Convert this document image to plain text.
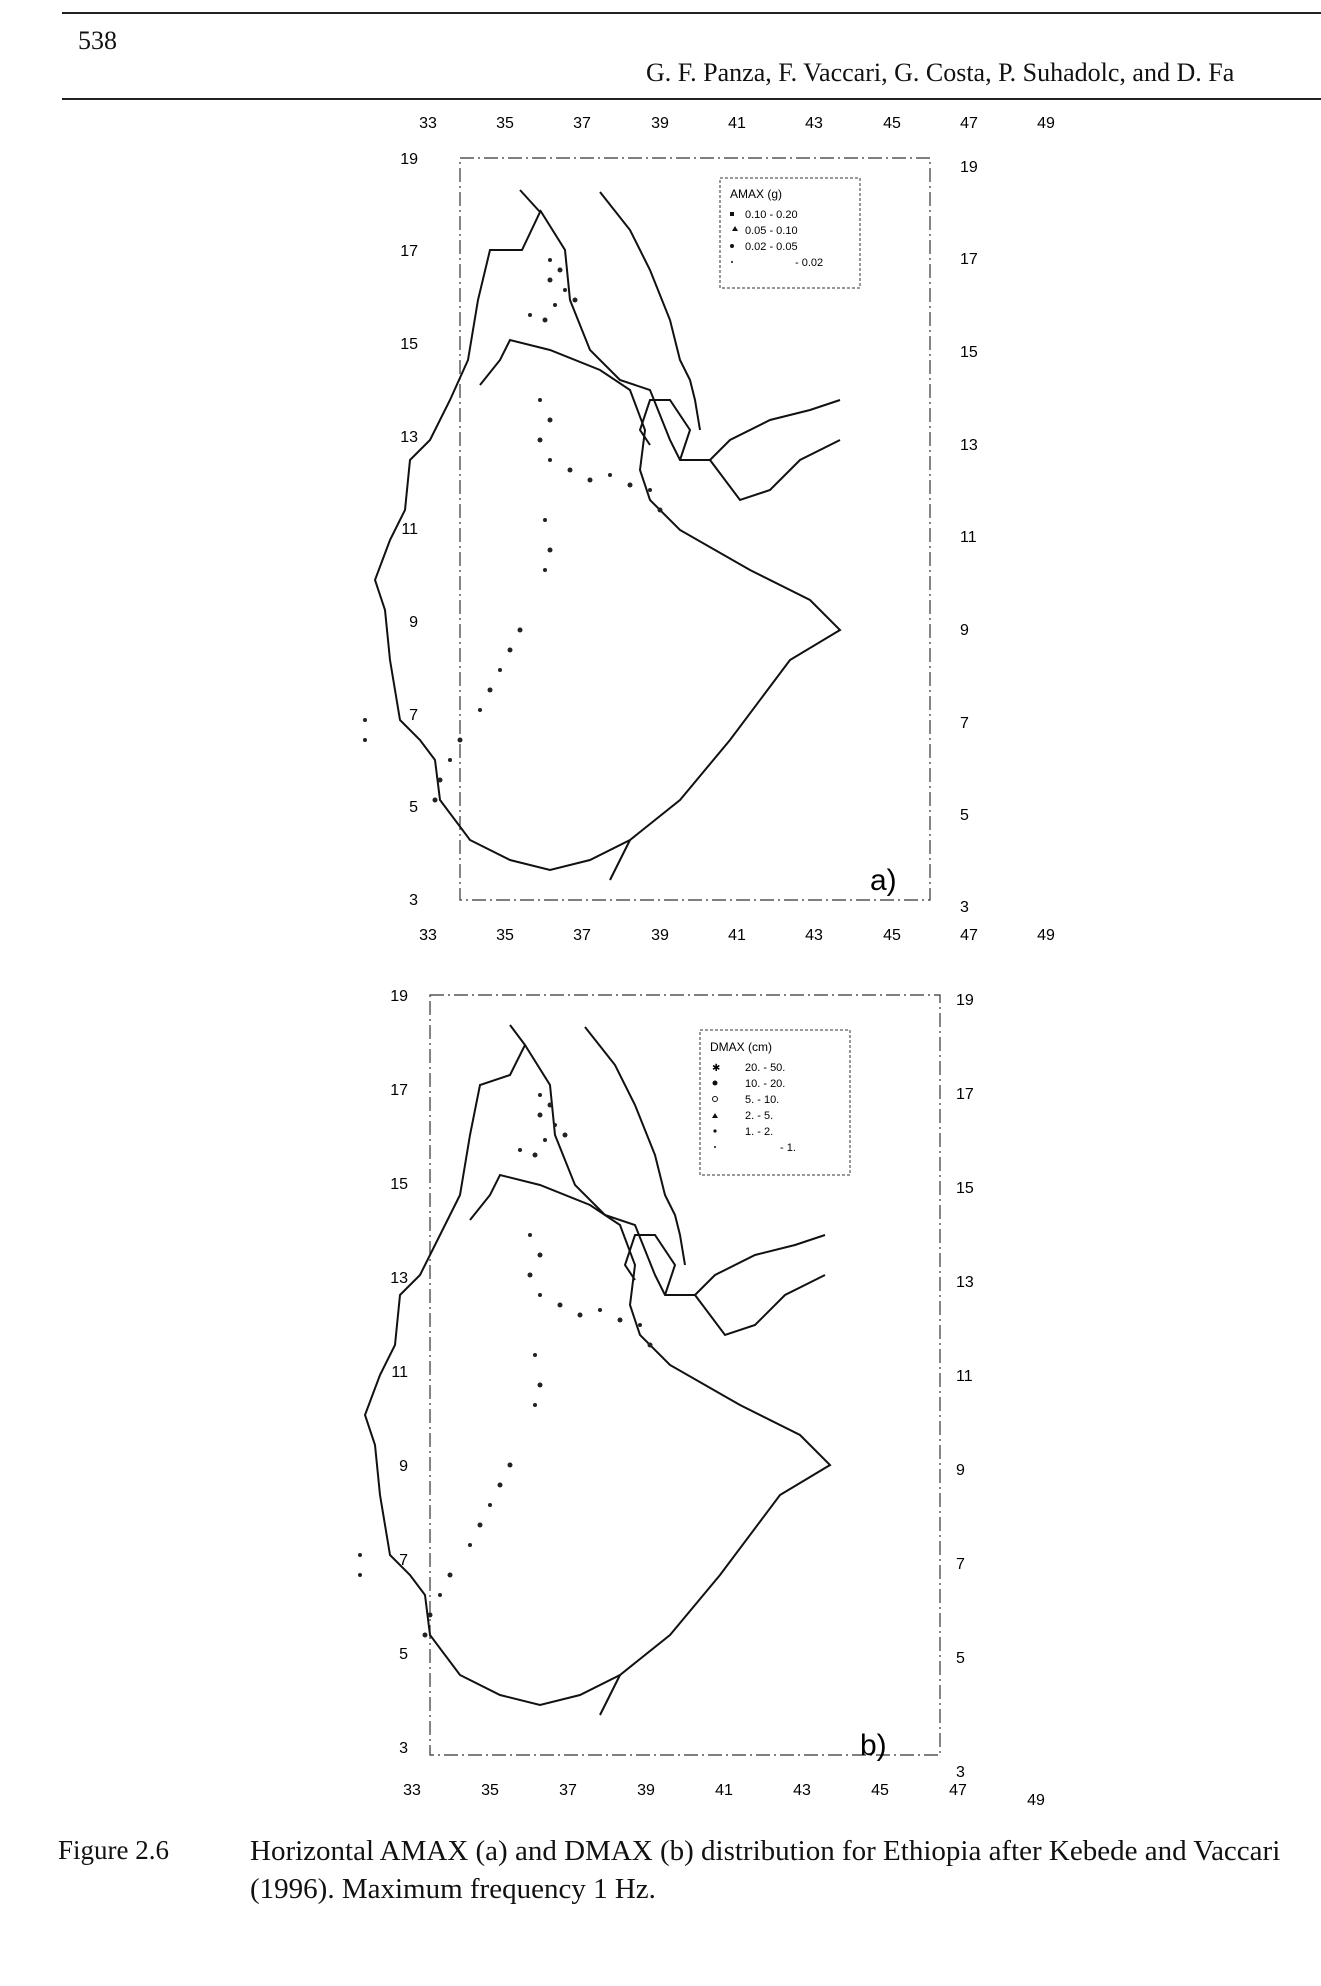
538
G. F. Panza, F. Vaccari, G. Costa, P. Suhadolc, and D. Fa
33	35	37	39	41	43	45	47	49
33	35	37	39	41	43	45	47	49
19
17
15
13
11
9
7
5
3
19
17
15
13
11
9
7
5
3
AMAX (g)
0.10 - 0.20
0.05 - 0.10
0.02 - 0.05
- 0.02
a)
33	35	37	39	41	43	45	47
49
19
17
15
13
11
9
7
5
3
19
17
15
13
11
9
7
5
3
DMAX (cm)
✱ 20. - 50.
10. - 20.
5. - 10.
2. - 5.
1. - 2.
- 1.
b)
Figure 2.6	Horizontal AMAX (a) and DMAX (b) distribution for Ethiopia after Kebede and Vaccari (1996). Maximum frequency 1 Hz.
